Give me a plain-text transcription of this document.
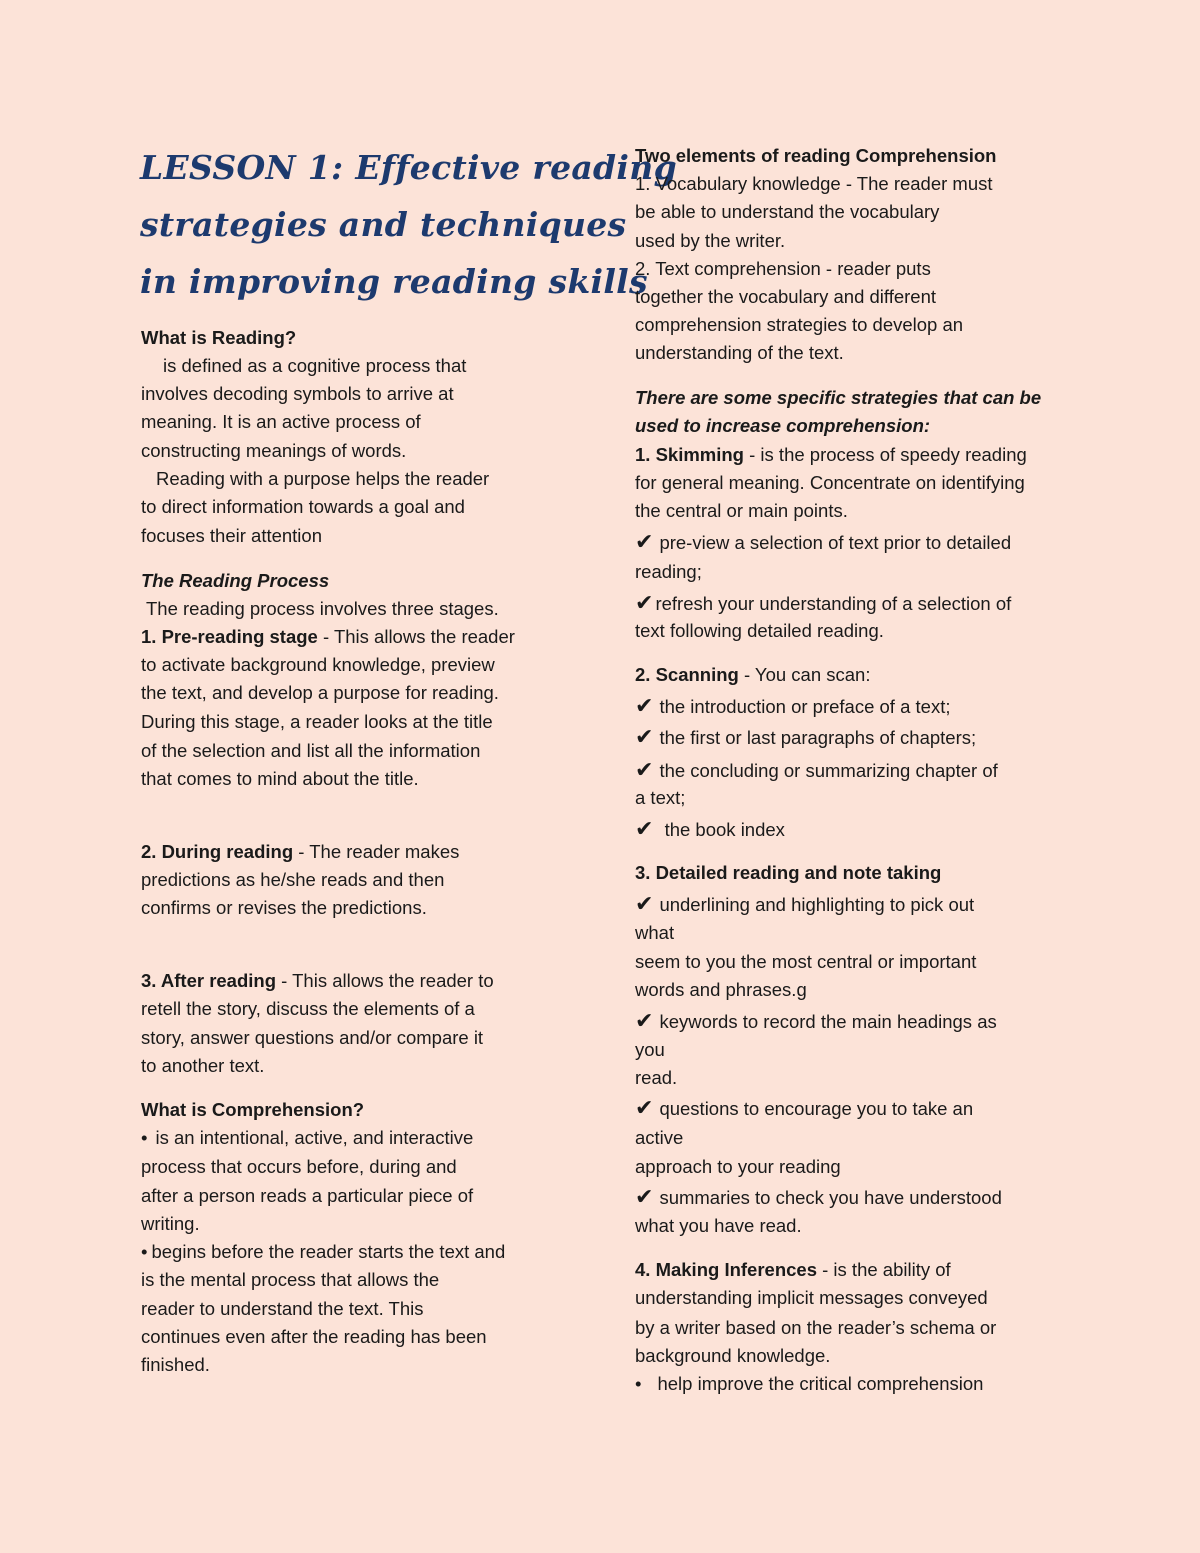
LESSON 1: Effective reading
strategies and techniques
in improving reading skills
What is Reading?
is defined as a cognitive process that
involves decoding symbols to arrive at
meaning. It is an active process of
constructing meanings of words.
Reading with a purpose helps the reader
to direct information towards a goal and
focuses their attention
The Reading Process
The reading process involves three stages.
1. Pre-reading stage - This allows the reader
to activate background knowledge, preview
the text, and develop a purpose for reading.
During this stage, a reader looks at the title
of the selection and list all the information
that comes to mind about the title.
2. During reading - The reader makes
predictions as he/she reads and then
confirms or revises the predictions.
3. After reading - This allows the reader to
retell the story, discuss the elements of a
story, answer questions and/or compare it
to another text.
What is Comprehension?
• is an intentional, active, and interactive
process that occurs before, during and
after a person reads a particular piece of
writing.
• begins before the reader starts the text and
is the mental process that allows the
reader to understand the text. This
continues even after the reading has been
finished.
Two elements of reading Comprehension
1. Vocabulary knowledge - The reader must
be able to understand the vocabulary
used by the writer.
2. Text comprehension - reader puts
together the vocabulary and different
comprehension strategies to develop an
understanding of the text.
There are some specific strategies that can be
used to increase comprehension:
1. Skimming - is the process of speedy reading
for general meaning. Concentrate on identifying
the central or main points.
✔ pre-view a selection of text prior to detailed
reading;
✔ refresh your understanding of a selection of
text following detailed reading.
2. Scanning - You can scan:
✔ the introduction or preface of a text;
✔ the first or last paragraphs of chapters;
✔ the concluding or summarizing chapter of
a text;
✔ the book index
3. Detailed reading and note taking
✔ underlining and highlighting to pick out
what
seem to you the most central or important
words and phrases.g
✔ keywords to record the main headings as
you
read.
✔ questions to encourage you to take an
active
approach to your reading
✔ summaries to check you have understood
what you have read.
4. Making Inferences - is the ability of
understanding implicit messages conveyed
by a writer based on the reader’s schema or
background knowledge.
• help improve the critical comprehension
